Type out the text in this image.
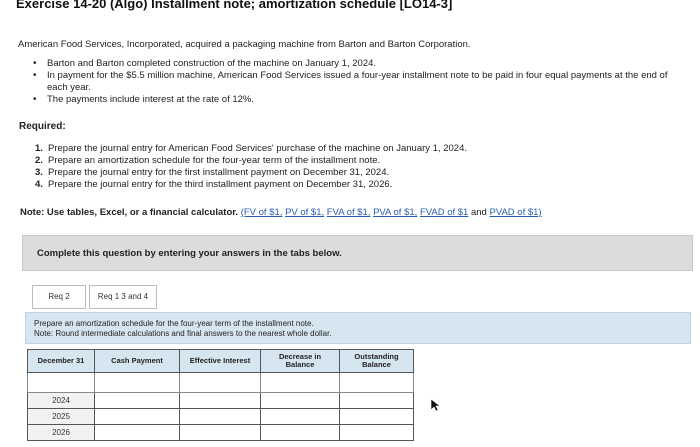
Exercise 14-20 (Algo) Installment note; amortization schedule [LO14-3]
American Food Services, Incorporated, acquired a packaging machine from Barton and Barton Corporation.
• Barton and Barton completed construction of the machine on January 1, 2024.
• In payment for the $5.5 million machine, American Food Services issued a four-year installment note to be paid in four equal payments at the end of each year.
• The payments include interest at the rate of 12%.
Required:
1. Prepare the journal entry for American Food Services' purchase of the machine on January 1, 2024.
2. Prepare an amortization schedule for the four-year term of the installment note.
3. Prepare the journal entry for the first installment payment on December 31, 2024.
4. Prepare the journal entry for the third installment payment on December 31, 2026.
Note: Use tables, Excel, or a financial calculator. (FV of $1, PV of $1, FVA of $1, PVA of $1, FVAD of $1 and PVAD of $1)
Complete this question by entering your answers in the tabs below.
Req 2	Req 1 3 and 4
Prepare an amortization schedule for the four-year term of the installment note.
Note: Round intermediate calculations and final answers to the nearest whole dollar.
December 31	Cash Payment	Effective Interest	Decrease in Balance	Outstanding Balance

2024				
2025				
2026				
